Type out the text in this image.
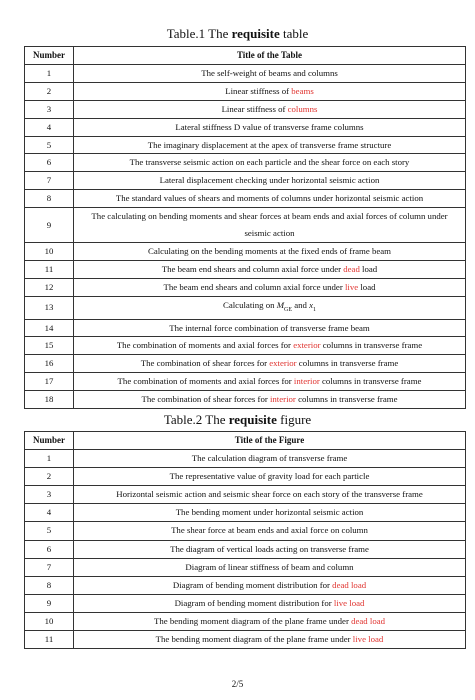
Table.1 The requisite table
Number	Title of the Table
1	The self-weight of beams and columns
2	Linear stiffness of beams
3	Linear stiffness of columns
4	Lateral stiffness D value of transverse frame columns
5	The imaginary displacement at the apex of transverse frame structure
6	The transverse seismic action on each particle and the shear force on each story
7	Lateral displacement checking under horizontal seismic action
8	The standard values of shears and moments of columns under horizontal seismic action
9	The calculating on bending moments and shear forces at beam ends and axial forces of column under seismic action
10	Calculating on the bending moments at the fixed ends of frame beam
11	The beam end shears and column axial force under dead load
12	The beam end shears and column axial force under live load
13	Calculating on $M_{GE}$ and $x_1$
14	The internal force combination of transverse frame beam
15	The combination of moments and axial forces for exterior columns in transverse frame
16	The combination of shear forces for exterior columns in transverse frame
17	The combination of moments and axial forces for interior columns in transverse frame
18	The combination of shear forces for interior columns in transverse frame
Table.2 The requisite figure
Number	Title of the Figure
1	The calculation diagram of transverse frame
2	The representative value of gravity load for each particle
3	Horizontal seismic action and seismic shear force on each story of the transverse frame
4	The bending moment under horizontal seismic action
5	The shear force at beam ends and axial force on column
6	The diagram of vertical loads acting on transverse frame
7	Diagram of linear stiffness of beam and column
8	Diagram of bending moment distribution for dead load
9	Diagram of bending moment distribution for live load
10	The bending moment diagram of the plane frame under dead load
11	The bending moment diagram of the plane frame under live load
2/5
